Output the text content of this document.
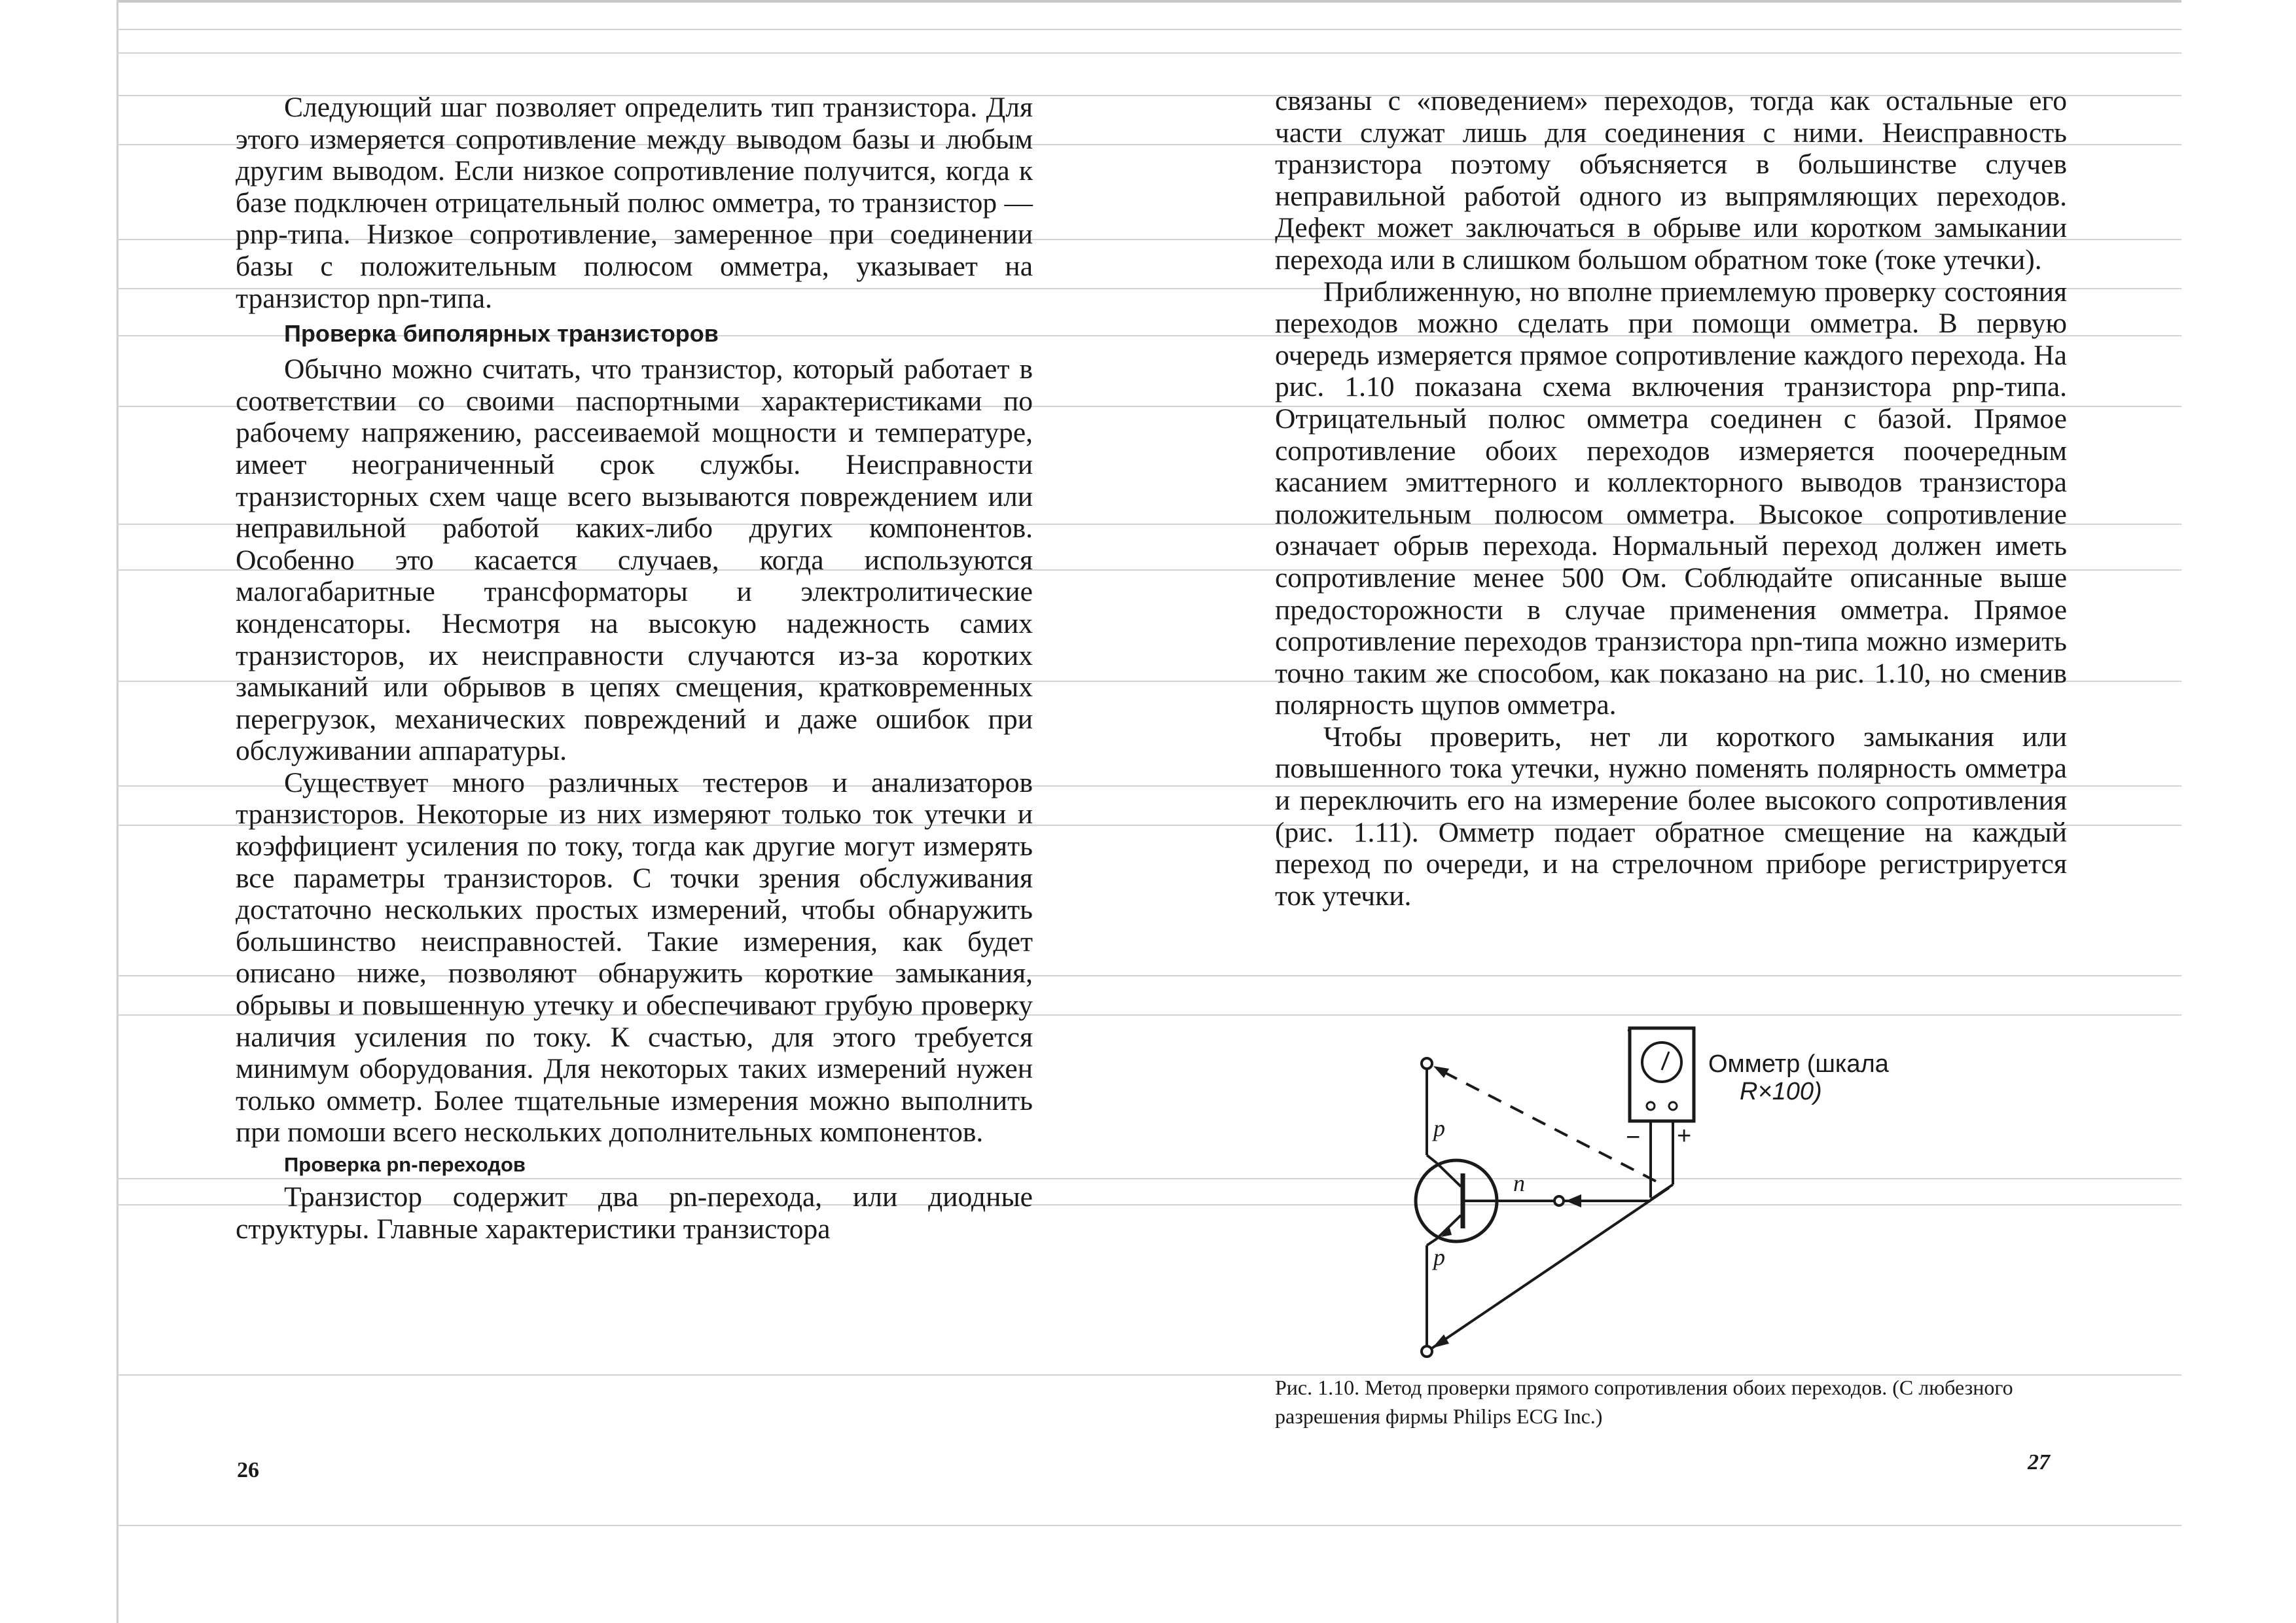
Следующий шаг позволяет определить тип транзистора. Для этого измеряется сопротивление между выводом базы и любым другим выводом. Если низкое сопротивление получится, когда к базе подключен отрицательный полюс омметра, то транзистор — pnp-типа. Низкое сопротивление, замеренное при соединении базы с положительным полюсом омметра, указывает на транзистор npn-типа.

Проверка биполярных транзисторов

Обычно можно считать, что транзистор, который работает в соответствии со своими паспортными характеристиками по рабочему напряжению, рассеиваемой мощности и температуре, имеет неограниченный срок службы. Неисправности транзисторных схем чаще всего вызываются повреждением или неправильной работой каких-либо других компонентов. Особенно это касается случаев, когда используются малогабаритные трансформаторы и электролитические конденсаторы. Несмотря на высокую надежность самих транзисторов, их неисправности случаются из-за коротких замыканий или обрывов в цепях смещения, кратковременных перегрузок, механических повреждений и даже ошибок при обслуживании аппаратуры.

Существует много различных тестеров и анализаторов транзисторов. Некоторые из них измеряют только ток утечки и коэффициент усиления по току, тогда как другие могут измерять все параметры транзисторов. С точки зрения обслуживания достаточно нескольких простых измерений, чтобы обнаружить большинство неисправностей. Такие измерения, как будет описано ниже, позволяют обнаружить короткие замыкания, обрывы и повышенную утечку и обеспечивают грубую проверку наличия усиления по току. К счастью, для этого требуется минимум оборудования. Для некоторых таких измерений нужен только омметр. Более тщательные измерения можно выполнить при помоши всего нескольких дополнительных компонентов.

Проверка pn-переходов

Транзистор содержит два pn-перехода, или диодные структуры. Главные характеристики транзистора

26

связаны с «поведением» переходов, тогда как остальные его части служат лишь для соединения с ними. Неисправность транзистора поэтому объясняется в большинстве случев неправильной работой одного из выпрямляющих переходов. Дефект может заключаться в обрыве или коротком замыкании перехода или в слишком большом обратном токе (токе утечки).

Приближенную, но вполне приемлемую проверку состояния переходов можно сделать при помощи омметра. В первую очередь измеряется прямое сопротивление каждого перехода. На рис. 1.10 показана схема включения транзистора pnp-типа. Отрицательный полюс омметра соединен с базой. Прямое сопротивление обоих переходов измеряется поочередным касанием эмиттерного и коллекторного выводов транзистора положительным полюсом омметра. Высокое сопротивление означает обрыв перехода. Нормальный переход должен иметь сопротивление менее 500 Ом. Соблюдайте описанные выше предосторожности в случае применения омметра. Прямое сопротивление переходов транзистора npn-типа можно измерить точно таким же способом, как показано на рис. 1.10, но сменив полярность щупов омметра.

Чтобы проверить, нет ли короткого замыкания или повышенного тока утечки, нужно поменять полярность омметра и переключить его на измерение более высокого сопротивления (рис. 1.11). Омметр подает обратное смещение на каждый переход по очереди, и на стрелочном приборе регистрируется ток утечки.

Омметр (шкала
R×100)
− +
p
n
p
·
Рис. 1.10. Метод проверки прямого сопротивления обоих переходов. (С любезного разрешения фирмы Philips ECG Inc.)
27
